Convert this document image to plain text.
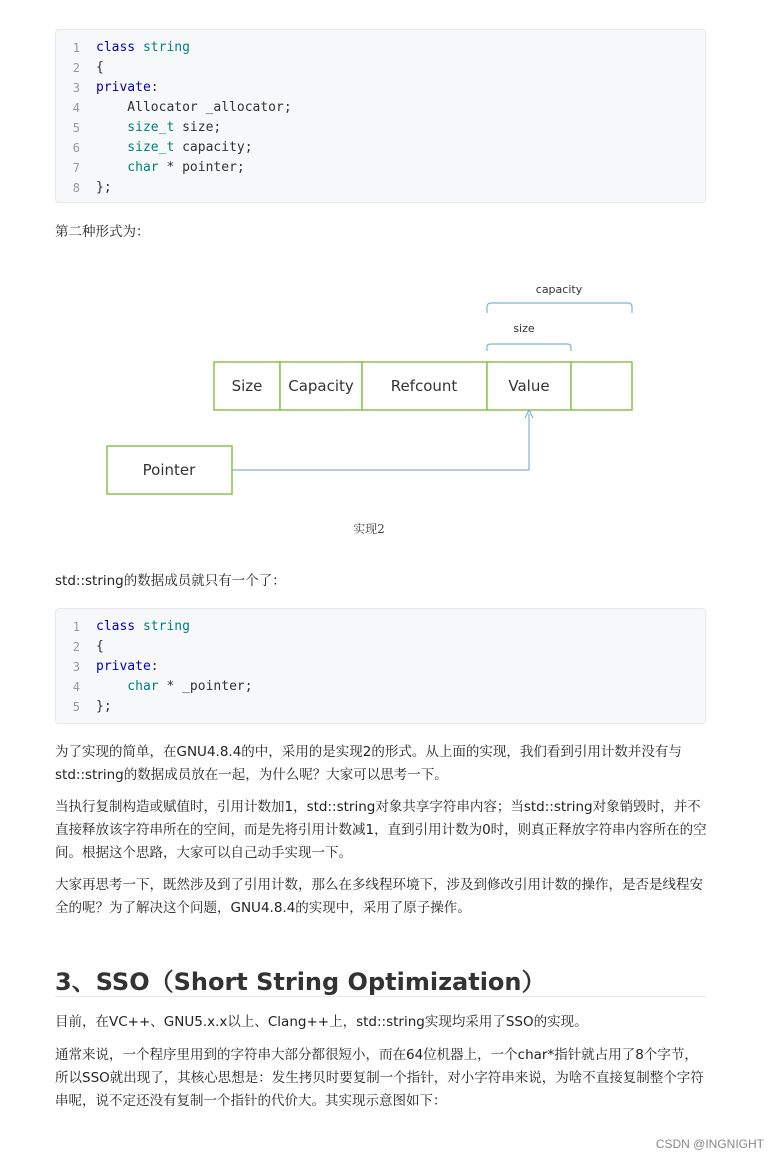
1 class string
2 {
3 private:
4 Allocator _allocator;
5 size_t size;
6 size_t capacity;
7 char * pointer;
8 };
第二种形式为：
capacity
size
Size Capacity Refcount	Value
Pointer
实现2
std::string的数据成员就只有一个了：
1 class string
2 {
3 private:
4 char * _pointer;
5 };

为了实现的简单，在GNU4.8.4的中，采用的是实现2的形式。从上面的实现，我们看到引用计数并没有与std::string的数据成员放在一起，为什么呢？大家可以思考一下。

当执行复制构造或赋值时，引用计数加1，std::string对象共享字符串内容；当std::string对象销毁时，并不直接释放该字符串所在的空间，而是先将引用计数减1，直到引用计数为0时，则真正释放字符串内容所在的空间。根据这个思路，大家可以自己动手实现一下。

大家再思考一下，既然涉及到了引用计数，那么在多线程环境下，涉及到修改引用计数的操作，是否是线程安全的呢？为了解决这个问题，GNU4.8.4的实现中，采用了原子操作。

3、SSO（Short String Optimization）

目前，在VC++、GNU5.x.x以上、Clang++上，std::string实现均采用了SSO的实现。

通常来说，一个程序里用到的字符串大部分都很短小，而在64位机器上，一个char*指针就占用了8个字节，所以SSO就出现了，其核心思想是：发生拷贝时要复制一个指针，对小字符串来说，为啥不直接复制整个字符串呢，说不定还没有复制一个指针的代价大。其实现示意图如下：

CSDN @INGNIGHT
